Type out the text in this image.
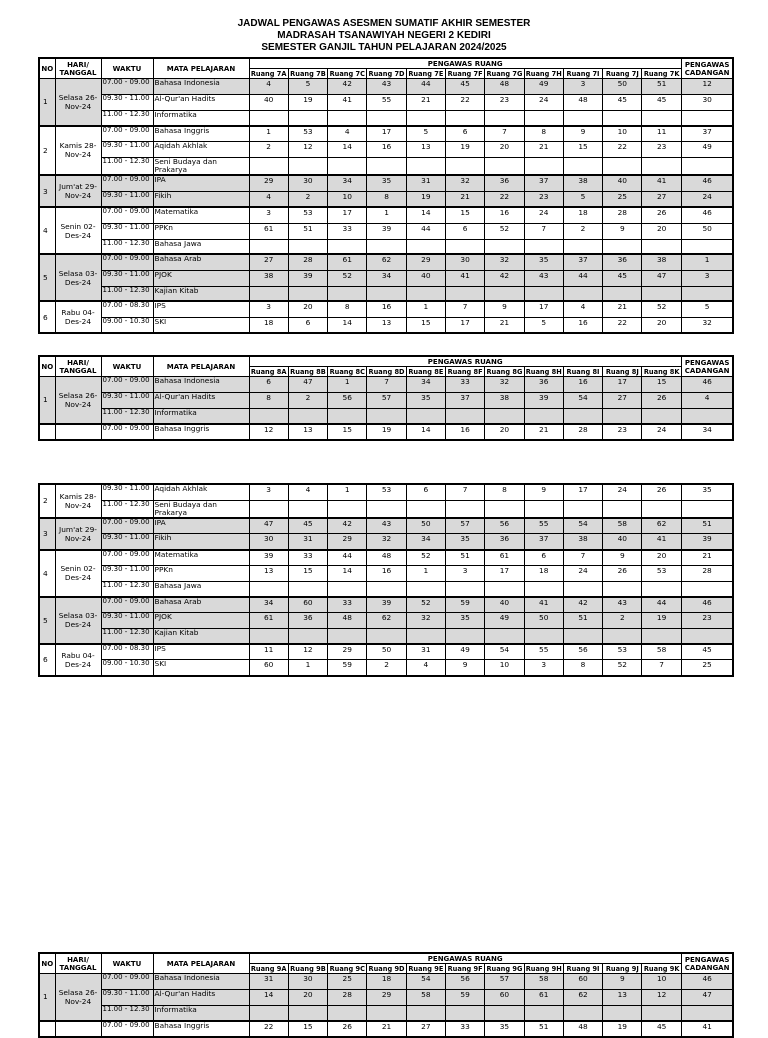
JADWAL PENGAWAS ASESMEN SUMATIF AKHIR SEMESTER
MADRASAH TSANAWIYAH NEGERI 2 KEDIRI
SEMESTER GANJIL TAHUN PELAJARAN 2024/2025
NO	HARI/ TANGGAL	WAKTU	MATA PELAJARAN	PENGAWAS RUANG											PENGAWAS CADANGAN
				Ruang 7A	Ruang 7B	Ruang 7C	Ruang 7D	Ruang 7E	Ruang 7F	Ruang 7G	Ruang 7H	Ruang 7I	Ruang 7J	Ruang 7K	
1	Selasa 26-Nov-24	07.00 - 09.00	Bahasa Indonesia	4	5	42	43	44	45	48	49	3	50	51	12
		09.30 - 11.00	Al-Qur'an Hadits	40	19	41	55	21	22	23	24	48	45	45	30
		11.00 - 12.30	Informatika												
2	Kamis 28-Nov-24	07.00 - 09.00	Bahasa Inggris	1	53	4	17	5	6	7	8	9	10	11	37
		09.30 - 11.00	Aqidah Akhlak	2	12	14	16	13	19	20	21	15	22	23	49
		11.00 - 12.30	Seni Budaya dan Prakarya												
3	Jum'at 29-Nov-24	07.00 - 09.00	IPA	29	30	34	35	31	32	36	37	38	40	41	46
		09.30 - 11.00	Fikih	4	2	10	8	19	21	22	23	5	25	27	24
4	Senin 02-Des-24	07.00 - 09.00	Matematika	3	53	17	1	14	15	16	24	18	28	26	46
		09.30 - 11.00	PPKn	61	51	33	39	44	6	52	7	2	9	20	50
		11.00 - 12.30	Bahasa Jawa												
5	Selasa 03-Des-24	07.00 - 09.00	Bahasa Arab	27	28	61	62	29	30	32	35	37	36	38	1
		09.30 - 11.00	PJOK	38	39	52	34	40	41	42	43	44	45	47	3
		11.00 - 12.30	Kajian Kitab												
6	Rabu 04-Des-24	07.00 - 08.30	IPS	3	20	8	16	1	7	9	17	4	21	52	5
		09.00 - 10.30	SKI	18	6	14	13	15	17	21	5	16	22	20	32
NO	HARI/ TANGGAL	WAKTU	MATA PELAJARAN	PENGAWAS RUANG											PENGAWAS CADANGAN
				Ruang 8A	Ruang 8B	Ruang 8C	Ruang 8D	Ruang 8E	Ruang 8F	Ruang 8G	Ruang 8H	Ruang 8I	Ruang 8J	Ruang 8K	
1	Selasa 26-Nov-24	07.00 - 09.00	Bahasa Indonesia	6	47	1	7	34	33	32	36	16	17	15	46
		09.30 - 11.00	Al-Qur'an Hadits	8	2	56	57	35	37	38	39	54	27	26	4
		11.00 - 12.30	Informatika												
		07.00 - 09.00	Bahasa Inggris	12	13	15	19	14	16	20	21	28	23	24	34
2	Kamis 28-Nov-24	09.30 - 11.00	Aqidah Akhlak	3	4	1	53	6	7	8	9	17	24	26	35
		11.00 - 12.30	Seni Budaya dan Prakarya												
3	Jum'at 29-Nov-24	07.00 - 09.00	IPA	47	45	42	43	50	57	56	55	54	58	62	51
		09.30 - 11.00	Fikih	30	31	29	32	34	35	36	37	38	40	41	39
4	Senin 02-Des-24	07.00 - 09.00	Matematika	39	33	44	48	52	51	61	6	7	9	20	21
		09.30 - 11.00	PPKn	13	15	14	16	1	3	17	18	24	26	53	28
		11.00 - 12.30	Bahasa Jawa												
5	Selasa 03-Des-24	07.00 - 09.00	Bahasa Arab	34	60	33	39	52	59	40	41	42	43	44	46
		09.30 - 11.00	PJOK	61	36	48	62	32	35	49	50	51	2	19	23
		11.00 - 12.30	Kajian Kitab												
6	Rabu 04-Des-24	07.00 - 08.30	IPS	11	12	29	50	31	49	54	55	56	53	58	45
		09.00 - 10.30	SKI	60	1	59	2	4	9	10	3	8	52	7	25
NO	HARI/ TANGGAL	WAKTU	MATA PELAJARAN	PENGAWAS RUANG											PENGAWAS CADANGAN
				Ruang 9A	Ruang 9B	Ruang 9C	Ruang 9D	Ruang 9E	Ruang 9F	Ruang 9G	Ruang 9H	Ruang 9I	Ruang 9J	Ruang 9K	
1	Selasa 26-Nov-24	07.00 - 09.00	Bahasa Indonesia	31	30	25	18	54	56	57	58	60	9	10	46
		09.30 - 11.00	Al-Qur'an Hadits	14	20	28	29	58	59	60	61	62	13	12	47
		11.00 - 12.30	Informatika												
		07.00 - 09.00	Bahasa Inggris	22	15	26	21	27	33	35	51	48	19	45	41
